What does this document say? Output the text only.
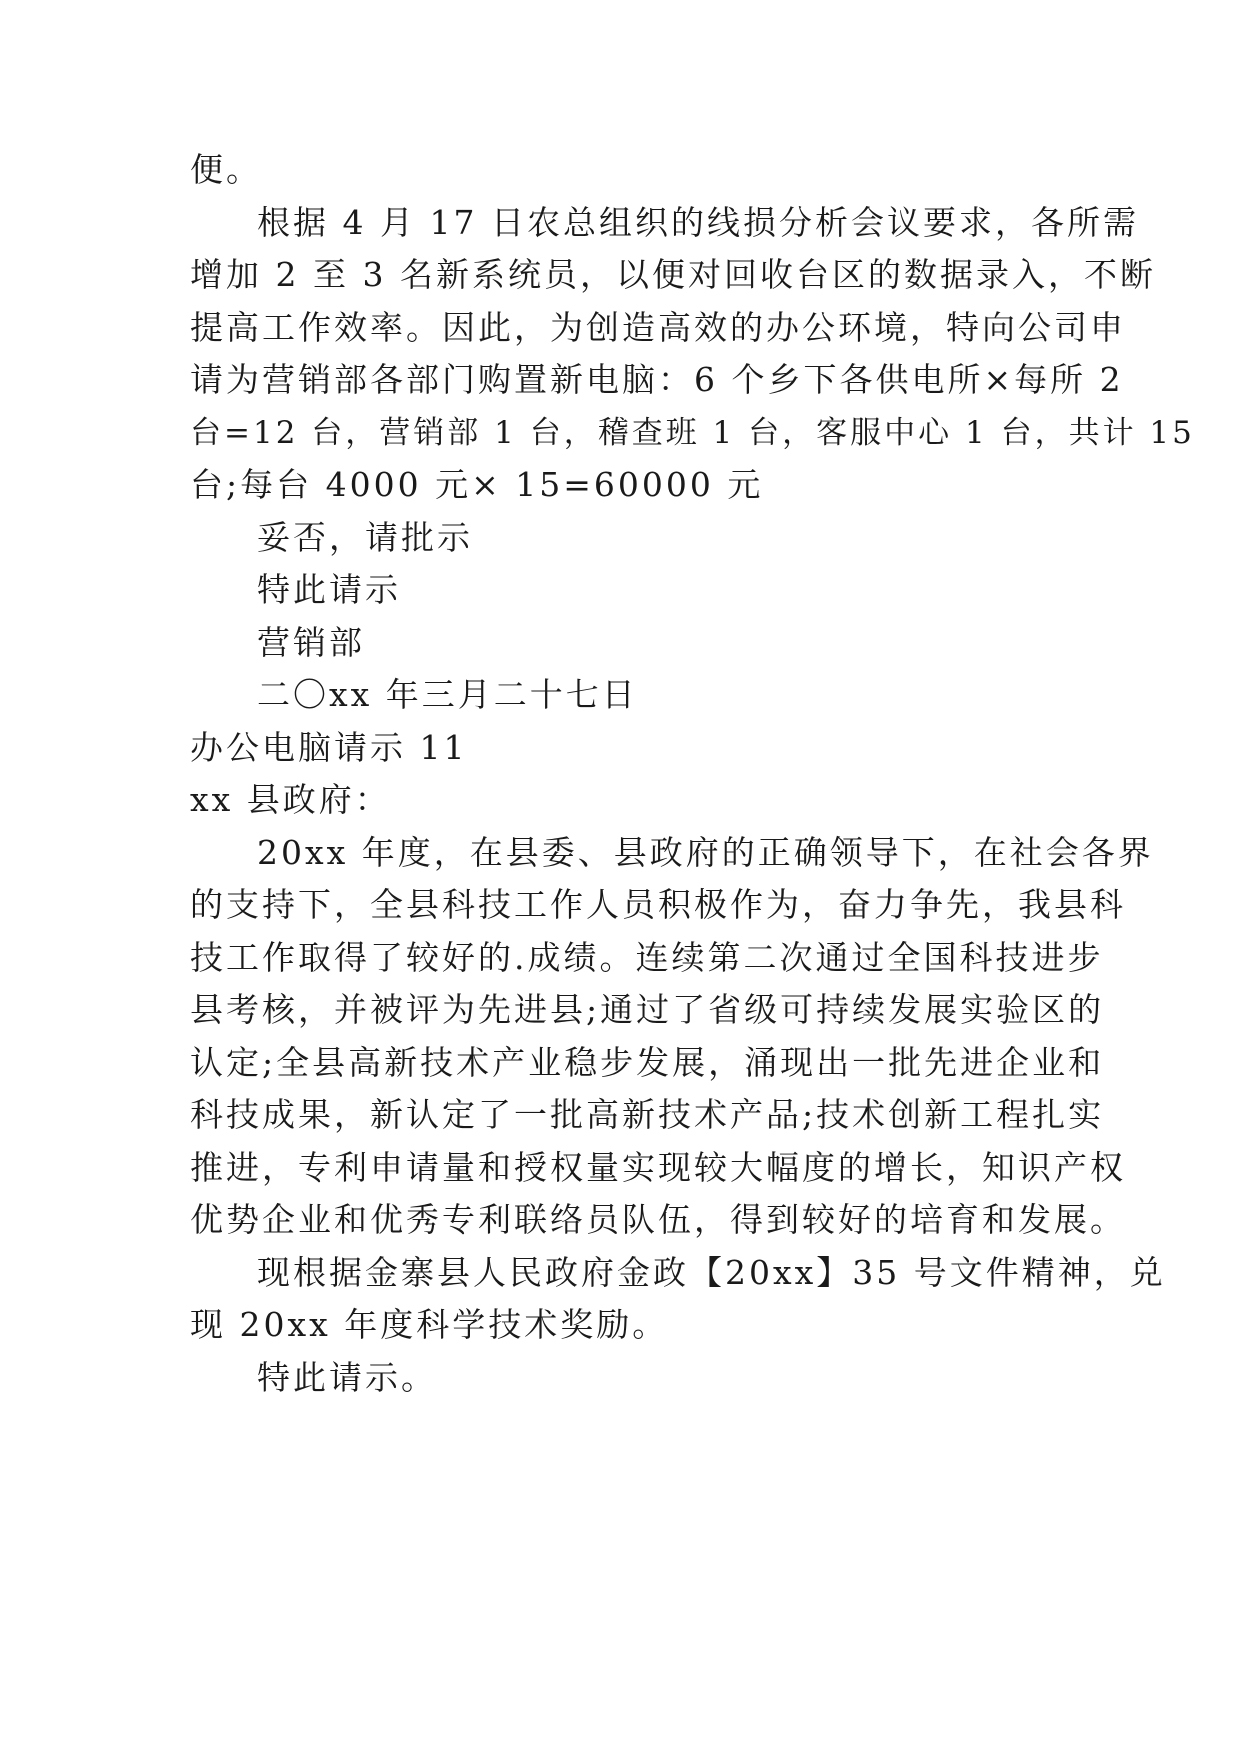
便。
根据 4 月 17 日农总组织的线损分析会议要求，各所需
增加 2 至 3 名新系统员，以便对回收台区的数据录入，不断
提高工作效率。因此，为创造高效的办公环境，特向公司申
请为营销部各部门购置新电脑：6 个乡下各供电所×每所 2
台=12 台，营销部 1 台，稽查班 1 台，客服中心 1 台，共计 15
台;每台 4000 元× 15=60000 元
妥否，请批示
特此请示
营销部
二〇xx 年三月二十七日
办公电脑请示 11
xx 县政府：
20xx 年度，在县委、县政府的正确领导下，在社会各界
的支持下，全县科技工作人员积极作为，奋力争先，我县科
技工作取得了较好的.成绩。连续第二次通过全国科技进步
县考核，并被评为先进县;通过了省级可持续发展实验区的
认定;全县高新技术产业稳步发展，涌现出一批先进企业和
科技成果，新认定了一批高新技术产品;技术创新工程扎实
推进，专利申请量和授权量实现较大幅度的增长，知识产权
优势企业和优秀专利联络员队伍，得到较好的培育和发展。
现根据金寨县人民政府金政【20xx】35 号文件精神，兑
现 20xx 年度科学技术奖励。
特此请示。
